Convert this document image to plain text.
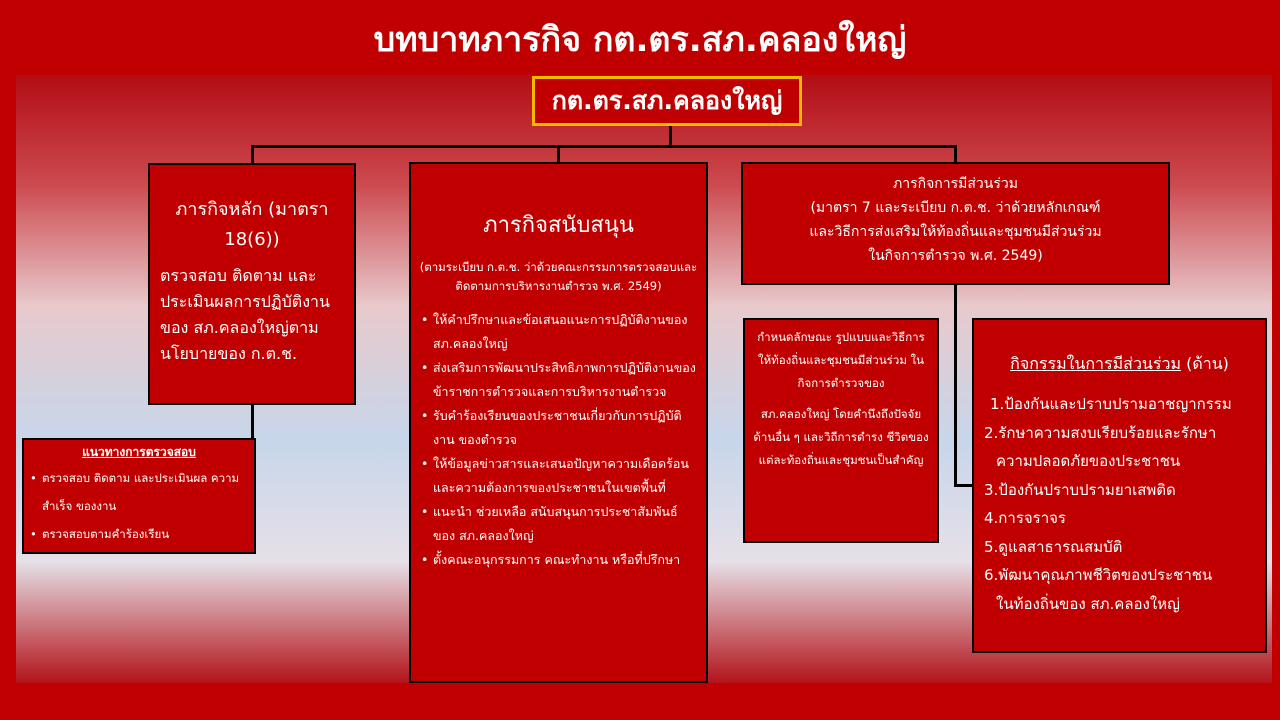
บทบาทภารกิจ กต.ตร.สภ.คลองใหญ่
กต.ตร.สภ.คลองใหญ่
ภารกิจหลัก (มาตรา 18(6))
ตรวจสอบ ติดตาม และประเมินผลการปฏิบัติงานของ สภ.คลองใหญ่ตามนโยบายของ ก.ต.ช.
แนวทางการตรวจสอบ
• ตรวจสอบ ติดตาม และประเมินผล ความสำเร็จ ของงาน
• ตรวจสอบตามคำร้องเรียน
ภารกิจสนับสนุน
(ตามระเบียบ ก.ต.ช. ว่าด้วยคณะกรรมการตรวจสอบและติดตามการบริหารงานตำรวจ พ.ศ. 2549)
• ให้คำปรึกษาและข้อเสนอแนะการปฏิบัติงานของ สภ.คลองใหญ่
• ส่งเสริมการพัฒนาประสิทธิภาพการปฏิบัติงานของข้าราชการตำรวจและการบริหารงานตำรวจ
• รับคำร้องเรียนของประชาชนเกี่ยวกับการปฏิบัติงาน ของตำรวจ
• ให้ข้อมูลข่าวสารและเสนอปัญหาความเดือดร้อนและความต้องการของประชาชนในเขตพื้นที่
• แนะนำ ช่วยเหลือ สนับสนุนการประชาสัมพันธ์ของ สภ.คลองใหญ่
• ตั้งคณะอนุกรรมการ คณะทำงาน หรือที่ปรึกษา
ภารกิจการมีส่วนร่วม
(มาตรา 7 และระเบียบ ก.ต.ช. ว่าด้วยหลักเกณฑ์
และวิธีการส่งเสริมให้ท้องถิ่นและชุมชนมีส่วนร่วม
ในกิจการตำรวจ พ.ศ. 2549)
กำหนดลักษณะ รูปแบบและวิธีการให้ท้องถิ่นและชุมชนมีส่วนร่วม ในกิจการตำรวจของ
สภ.คลองใหญ่ โดยคำนึงถึงปัจจัยด้านอื่น ๆ และวิถีการดำรง ชีวิตของแต่ละท้องถิ่นและชุมชนเป็นสำคัญ
กิจกรรมในการมีส่วนร่วม (ด้าน)
1.ป้องกันและปราบปรามอาชญากรรม
2.รักษาความสงบเรียบร้อยและรักษา
ความปลอดภัยของประชาชน
3.ป้องกันปราบปรามยาเสพติด
4.การจราจร
5.ดูแลสาธารณสมบัติ
6.พัฒนาคุณภาพชีวิตของประชาชน
ในท้องถิ่นของ สภ.คลองใหญ่
